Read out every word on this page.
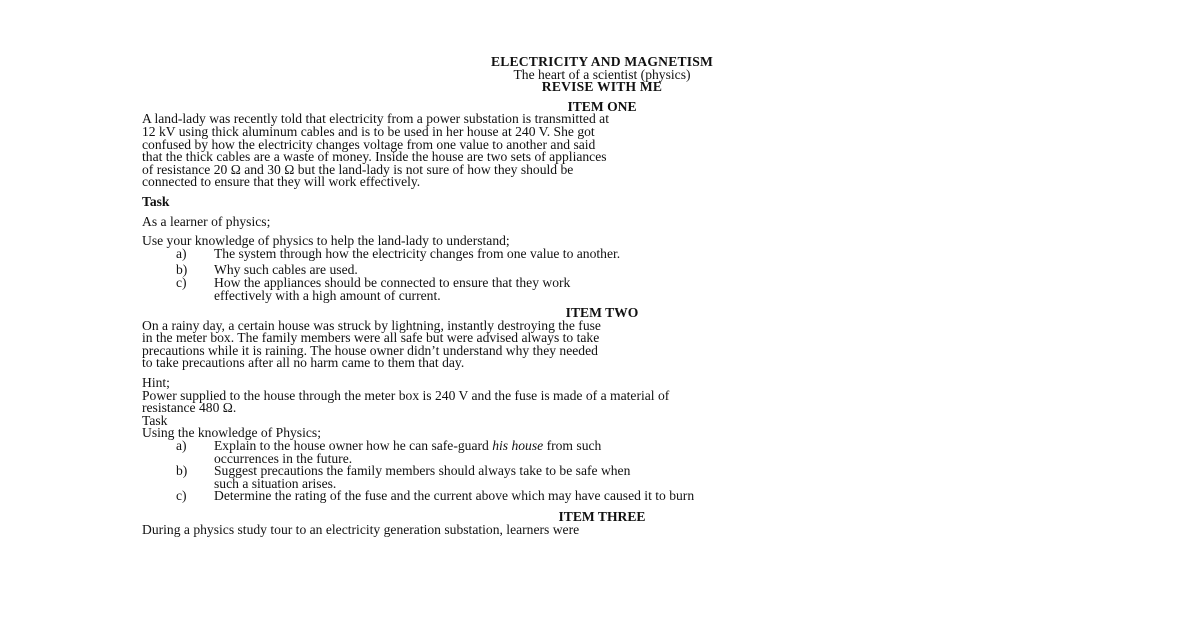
ELECTRICITY AND MAGNETISM
The heart of a scientist (physics)
REVISE WITH ME
ITEM ONE
A land-lady was recently told that electricity from a power substation is transmitted at
12 kV using thick aluminum cables and is to be used in her house at 240 V. She got
confused by how the electricity changes voltage from one value to another and said
that the thick cables are a waste of money. Inside the house are two sets of appliances
of resistance 20 Ω and 30 Ω but the land-lady is not sure of how they should be
connected to ensure that they will work effectively.
Task
As a learner of physics;
Use your knowledge of physics to help the land-lady to understand;
a)	The system through how the electricity changes from one value to another.
b)	Why such cables are used.
c)	How the appliances should be connected to ensure that they work
effectively with a high amount of current.
ITEM TWO
On a rainy day, a certain house was struck by lightning, instantly destroying the fuse
in the meter box. The family members were all safe but were advised always to take
precautions while it is raining. The house owner didn’t understand why they needed
to take precautions after all no harm came to them that day.
Hint;
Power supplied to the house through the meter box is 240 V and the fuse is made of a material of
resistance 480 Ω.
Task
Using the knowledge of Physics;
a)	Explain to the house owner how he can safe-guard his house from such
occurrences in the future.
b)	Suggest precautions the family members should always take to be safe when
such a situation arises.
c)	Determine the rating of the fuse and the current above which may have caused it to burn
ITEM THREE
During a physics study tour to an electricity generation substation, learners were
